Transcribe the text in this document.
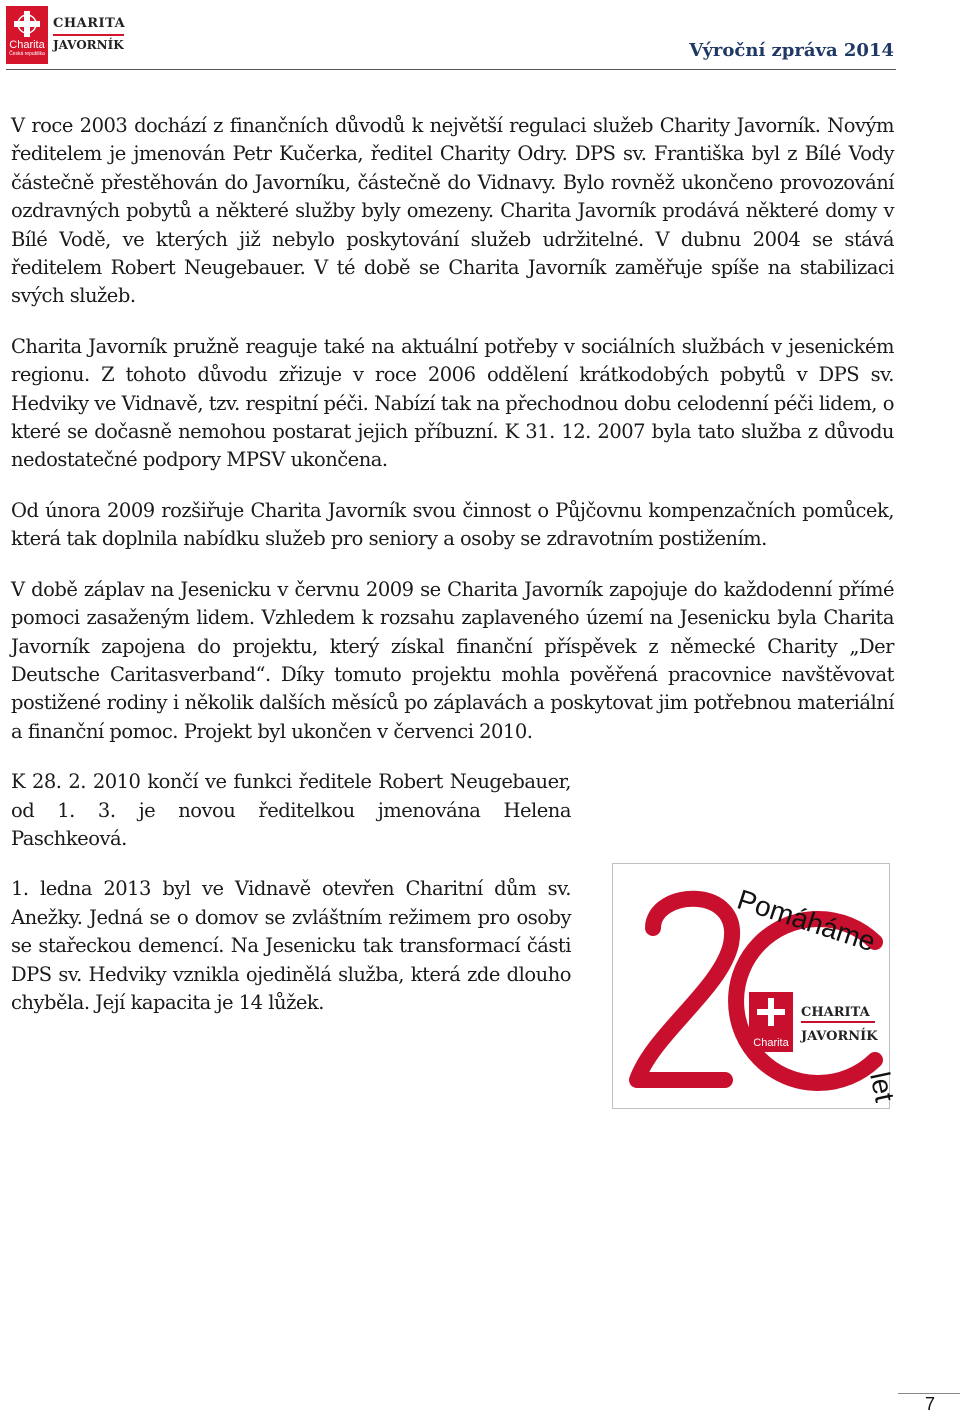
Charita
Česká republika
CHARITA
JAVORNÍK	Výroční zpráva 2014

V roce 2003 dochází z finančních důvodů k největší regulaci služeb Charity Javorník. Novým ředitelem je jmenován Petr Kučerka, ředitel Charity Odry. DPS sv. Františka byl z Bílé Vody částečně přestěhován do Javorníku, částečně do Vidnavy. Bylo rovněž ukončeno provozování ozdravných pobytů a některé služby byly omezeny. Charita Javorník prodává některé domy v Bílé Vodě, ve kterých již nebylo poskytování služeb udržitelné. V dubnu 2004 se stává ředitelem Robert Neugebauer. V té době se Charita Javorník zaměřuje spíše na stabilizaci svých služeb.

Charita Javorník pružně reaguje také na aktuální potřeby v sociálních službách v jesenickém regionu. Z tohoto důvodu zřizuje v roce 2006 oddělení krátkodobých pobytů v DPS sv. Hedviky ve Vidnavě, tzv. respitní péči. Nabízí tak na přechodnou dobu celodenní péči lidem, o které se dočasně nemohou postarat jejich příbuzní. K 31. 12. 2007 byla tato služba z důvodu nedostatečné podpory MPSV ukončena.

Od února 2009 rozšiřuje Charita Javorník svou činnost o Půjčovnu kompenzačních pomůcek, která tak doplnila nabídku služeb pro seniory a osoby se zdravotním postižením.

V době záplav na Jesenicku v červnu 2009 se Charita Javorník zapojuje do každodenní přímé pomoci zasaženým lidem. Vzhledem k rozsahu zaplaveného území na Jesenicku byla Charita Javorník zapojena do projektu, který získal finanční příspěvek z německé Charity „Der Deutsche Caritasverband“. Díky tomuto projektu mohla pověřená pracovnice navštěvovat postižené rodiny i několik dalších měsíců po záplavách a poskytovat jim potřebnou materiální a finanční pomoc. Projekt byl ukončen v červenci 2010.

K 28. 2. 2010 končí ve funkci ředitele Robert Neugebauer, od 1. 3. je novou ředitelkou jmenována Helena Paschkeová.

1. ledna 2013 byl ve Vidnavě otevřen Charitní dům sv. Anežky. Jedná se o domov se zvláštním režimem pro osoby se stařeckou demencí. Na Jesenicku tak transformací části DPS sv. Hedviky vznikla ojedinělá služba, která zde dlouho chyběla. Její kapacita je 14 lůžek.

Pomáháme
Charita
CHARITA
JAVORNÍK
let
7
